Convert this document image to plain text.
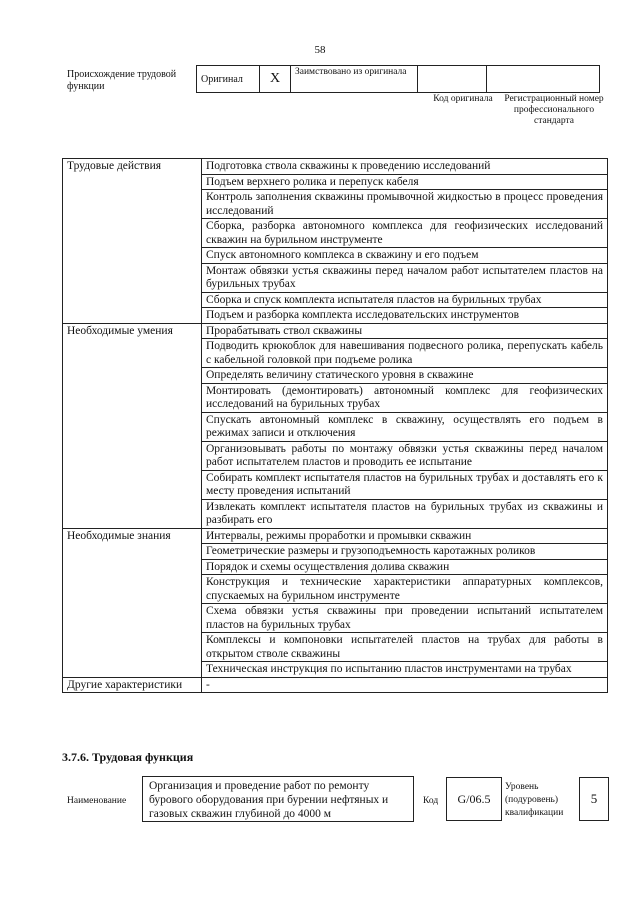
58
Происхождение трудовой функции
Оригинал	X	Заимствовано из оригинала		
Код оригинала	Регистрационный номер профессионального стандарта
Трудовые действия	Подготовка ствола скважины к проведению исследований
	Подъем верхнего ролика и перепуск кабеля
	Контроль заполнения скважины промывочной жидкостью в процесс проведения исследований
	Сборка, разборка автономного комплекса для геофизических исследований скважин на бурильном инструменте
	Спуск автономного комплекса в скважину и его подъем
	Монтаж обвязки устья скважины перед началом работ испытателем пластов на бурильных трубах
	Сборка и спуск комплекта испытателя пластов на бурильных трубах
	Подъем и разборка комплекта исследовательских инструментов
Необходимые умения	Прорабатывать ствол скважины
	Подводить крюкоблок для навешивания подвесного ролика, перепускать кабель с кабельной головкой при подъеме ролика
	Определять величину статического уровня в скважине
	Монтировать (демонтировать) автономный комплекс для геофизических исследований на бурильных трубах
	Спускать автономный комплекс в скважину, осуществлять его подъем в режимах записи и отключения
	Организовывать работы по монтажу обвязки устья скважины перед началом работ испытателем пластов и проводить ее испытание
	Собирать комплект испытателя пластов на бурильных трубах и доставлять его к месту проведения испытаний
	Извлекать комплект испытателя пластов на бурильных трубах из скважины и разбирать его
Необходимые знания	Интервалы, режимы проработки и промывки скважин
	Геометрические размеры и грузоподъемность каротажных роликов
	Порядок и схемы осуществления долива скважин
	Конструкция и технические характеристики аппаратурных комплексов, спускаемых на бурильном инструменте
	Схема обвязки устья скважины при проведении испытаний испытателем пластов на бурильных трубах
	Комплексы и компоновки испытателей пластов на трубах для работы в открытом стволе скважины
	Техническая инструкция по испытанию пластов инструментами на трубах
Другие характеристики	-
3.7.6. Трудовая функция
Наименование
Организация и проведение работ по ремонту бурового оборудования при бурении нефтяных и газовых скважин глубиной до 4000 м
Код	G/06.5
Уровень (подуровень) квалификации
5
